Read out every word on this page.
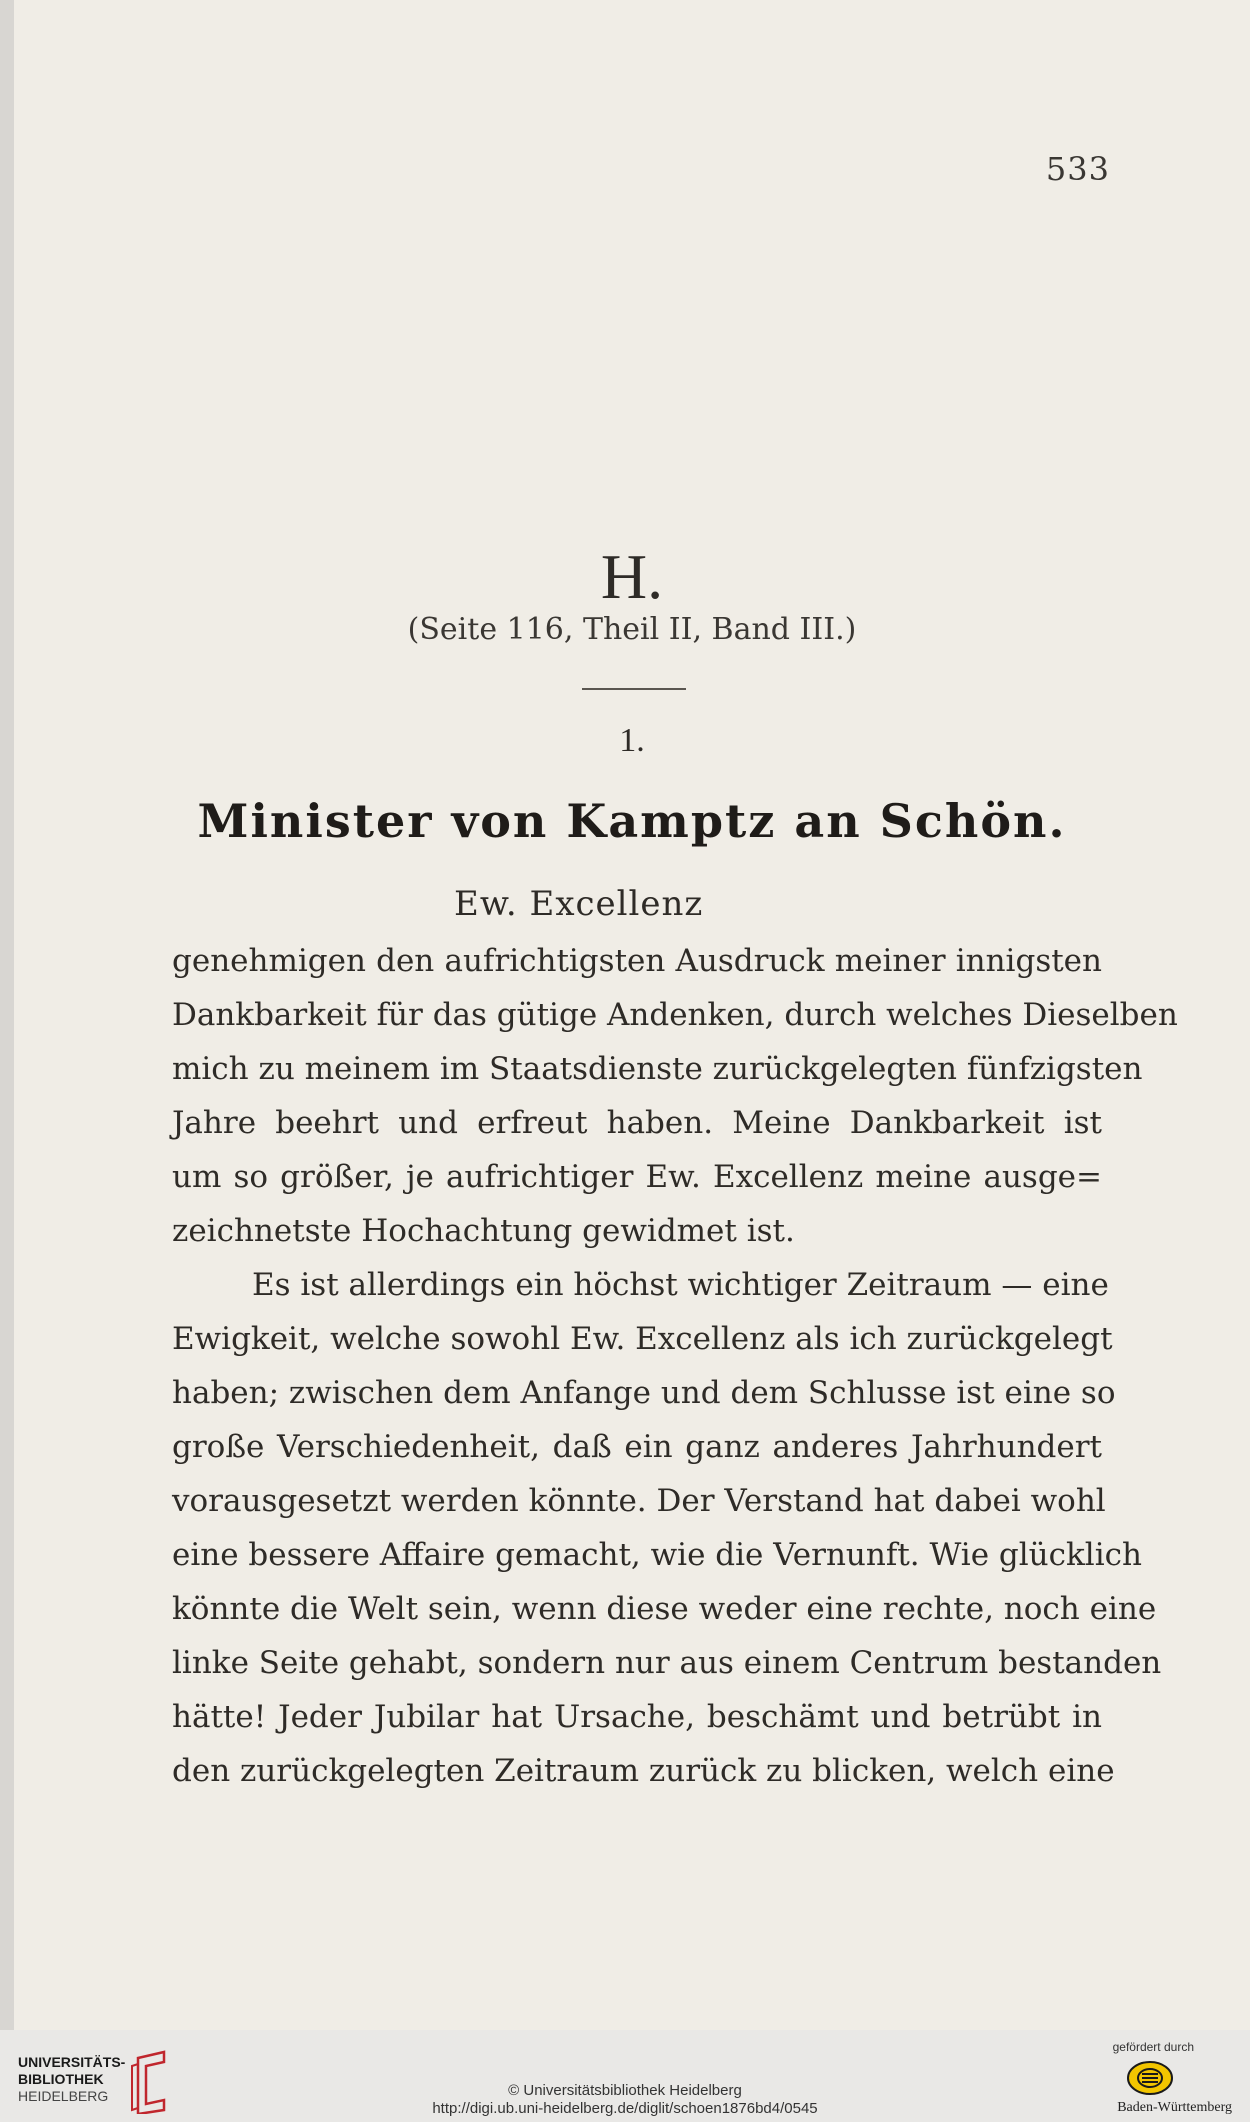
533
H.
(Seite 116, Theil II, Band III.)
1.
Minister von Kamptz an Schön.
Ew. Excellenz
genehmigen den aufrichtigsten Ausdruck meiner innigsten
Dankbarkeit für das gütige Andenken, durch welches Dieselben
mich zu meinem im Staatsdienste zurückgelegten fünfzigsten
Jahre beehrt und erfreut haben. Meine Dankbarkeit ist
um so größer, je aufrichtiger Ew. Excellenz meine ausge=
zeichnetste Hochachtung gewidmet ist.
Es ist allerdings ein höchst wichtiger Zeitraum — eine
Ewigkeit, welche sowohl Ew. Excellenz als ich zurückgelegt
haben; zwischen dem Anfange und dem Schlusse ist eine so
große Verschiedenheit, daß ein ganz anderes Jahrhundert
vorausgesetzt werden könnte. Der Verstand hat dabei wohl
eine bessere Affaire gemacht, wie die Vernunft. Wie glücklich
könnte die Welt sein, wenn diese weder eine rechte, noch eine
linke Seite gehabt, sondern nur aus einem Centrum bestanden
hätte! Jeder Jubilar hat Ursache, beschämt und betrübt in
den zurückgelegten Zeitraum zurück zu blicken, welch eine
UNIVERSITÄTS-
BIBLIOTHEK
HEIDELBERG	© Universitätsbibliothek Heidelberg
http://digi.ub.uni-heidelberg.de/diglit/schoen1876bd4/0545
gefördert durch
Baden-Württemberg
